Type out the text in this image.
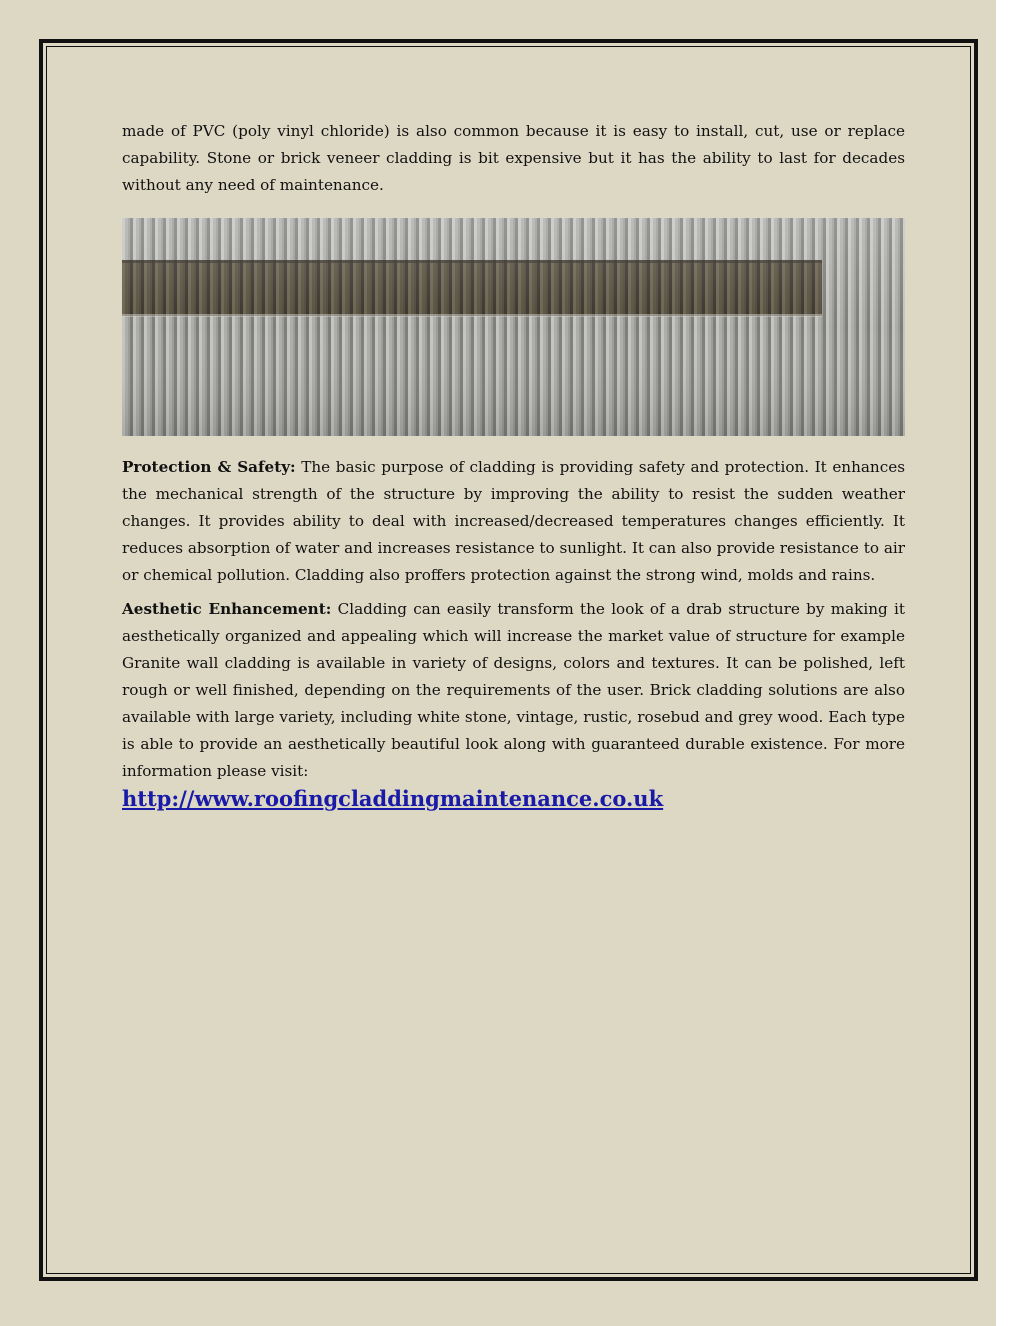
made of PVC (poly vinyl chloride) is also common because it is easy to install, cut, use or replace capability. Stone or brick veneer cladding is bit expensive but it has the ability to last for decades without any need of maintenance.

Protection & Safety: The basic purpose of cladding is providing safety and protection. It enhances the mechanical strength of the structure by improving the ability to resist the sudden weather changes. It provides ability to deal with increased/decreased temperatures changes efficiently. It reduces absorption of water and increases resistance to sunlight. It can also provide resistance to air or chemical pollution. Cladding also proffers protection against the strong wind, molds and rains.

Aesthetic Enhancement: Cladding can easily transform the look of a drab structure by making it aesthetically organized and appealing which will increase the market value of structure for example Granite wall cladding is available in variety of designs, colors and textures. It can be polished, left rough or well finished, depending on the requirements of the user. Brick cladding solutions are also available with large variety, including white stone, vintage, rustic, rosebud and grey wood. Each type is able to provide an aesthetically beautiful look along with guaranteed durable existence. For more information please visit:

http://www.roofingcladdingmaintenance.co.uk
